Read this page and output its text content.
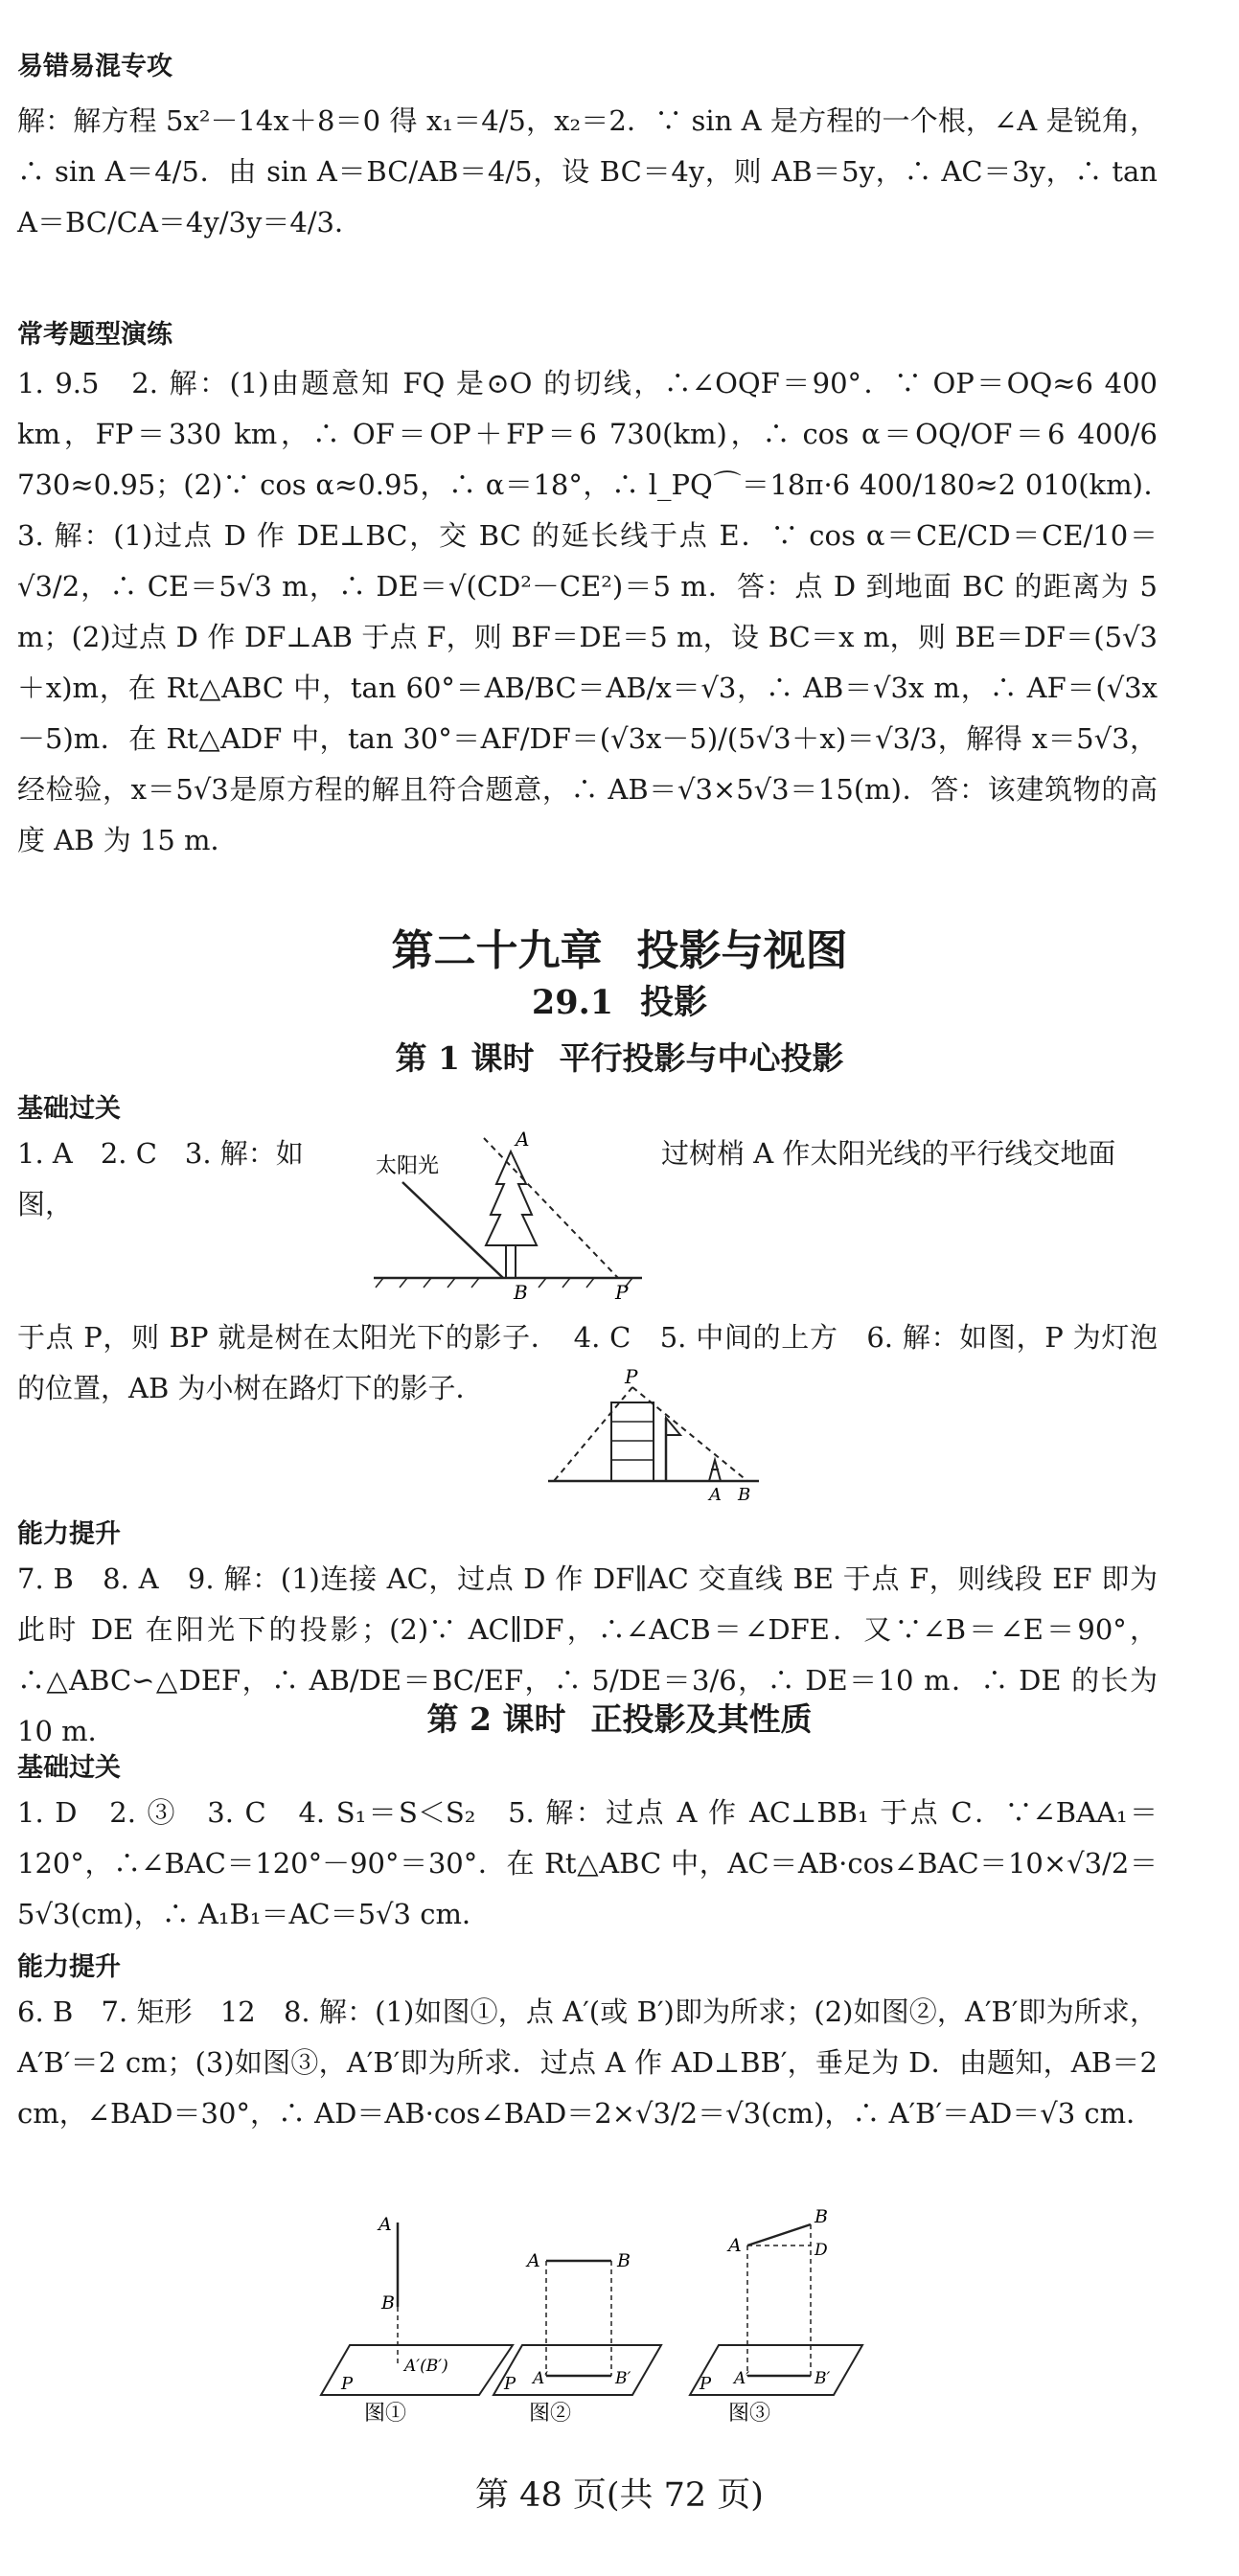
易错易混专攻

解：解方程 5x²－14x＋8＝0 得 x₁＝4/5，x₂＝2．∵ sin A 是方程的一个根，∠A 是锐角，∴ sin A＝4/5．由 sin A＝BC/AB＝4/5，设 BC＝4y，则 AB＝5y，∴ AC＝3y，∴ tan A＝BC/CA＝4y/3y＝4/3．

常考题型演练

1. 9.5　2. 解：(1)由题意知 FQ 是⊙O 的切线，∴∠OQF＝90°．∵ OP＝OQ≈6 400 km，FP＝330 km，∴ OF＝OP＋FP＝6 730(km)，∴ cos α＝OQ/OF＝6 400/6 730≈0.95；(2)∵ cos α≈0.95，∴ α＝18°，∴ l_PQ⌒＝18π·6 400/180≈2 010(km)．　3. 解：(1)过点 D 作 DE⊥BC，交 BC 的延长线于点 E．∵ cos α＝CE/CD＝CE/10＝√3/2，∴ CE＝5√3 m，∴ DE＝√(CD²－CE²)＝5 m．答：点 D 到地面 BC 的距离为 5 m；(2)过点 D 作 DF⊥AB 于点 F，则 BF＝DE＝5 m，设 BC＝x m，则 BE＝DF＝(5√3＋x)m，在 Rt△ABC 中，tan 60°＝AB/BC＝AB/x＝√3，∴ AB＝√3x m，∴ AF＝(√3x－5)m．在 Rt△ADF 中，tan 30°＝AF/DF＝(√3x－5)/(5√3＋x)＝√3/3，解得 x＝5√3，经检验，x＝5√3是原方程的解且符合题意，∴ AB＝√3×5√3＝15(m)．答：该建筑物的高度 AB 为 15 m．

第二十九章 投影与视图
29.1 投影
第 1 课时 平行投影与中心投影
基础过关

1. A　2. C　3. 解：如图，

过树梢 A 作太阳光线的平行线交地面

太阳光
A
B	P

于点 P，则 BP 就是树在太阳光下的影子．　4. C　5. 中间的上方　6. 解：如图，P 为灯泡的位置，AB 为小树在路灯下的影子．	P
A B
能力提升

7. B　8. A　9. 解：(1)连接 AC，过点 D 作 DF∥AC 交直线 BE 于点 F，则线段 EF 即为此时 DE 在阳光下的投影；(2)∵ AC∥DF，∴∠ACB＝∠DFE．又∵∠B＝∠E＝90°，∴△ABC∽△DEF，∴ AB/DE＝BC/EF，∴ 5/DE＝3/6，∴ DE＝10 m．∴ DE 的长为 10 m．	第 2 课时 正投影及其性质
基础过关

1. D　2. ③　3. C　4. S₁＝S＜S₂　5. 解：过点 A 作 AC⊥BB₁ 于点 C．∵∠BAA₁＝120°，∴∠BAC＝120°－90°＝30°．在 Rt△ABC 中，AC＝AB·cos∠BAC＝10×√3/2＝5√3(cm)，∴ A₁B₁＝AC＝5√3 cm．

能力提升

6. B　7. 矩形　12　8. 解：(1)如图①，点 A′(或 B′)即为所求；(2)如图②，A′B′即为所求，A′B′＝2 cm；(3)如图③，A′B′即为所求．过点 A 作 AD⊥BB′，垂足为 D．由题知，AB＝2 cm，∠BAD＝30°，∴ AD＝AB·cos∠BAD＝2×√3/2＝√3(cm)，∴ A′B′＝AD＝√3 cm．

A
B
A′(B′)
P
图①
A	B
A′	B′
P
图②
A
B
D
A′	B′
P
图③

第 48 页(共 72 页)
